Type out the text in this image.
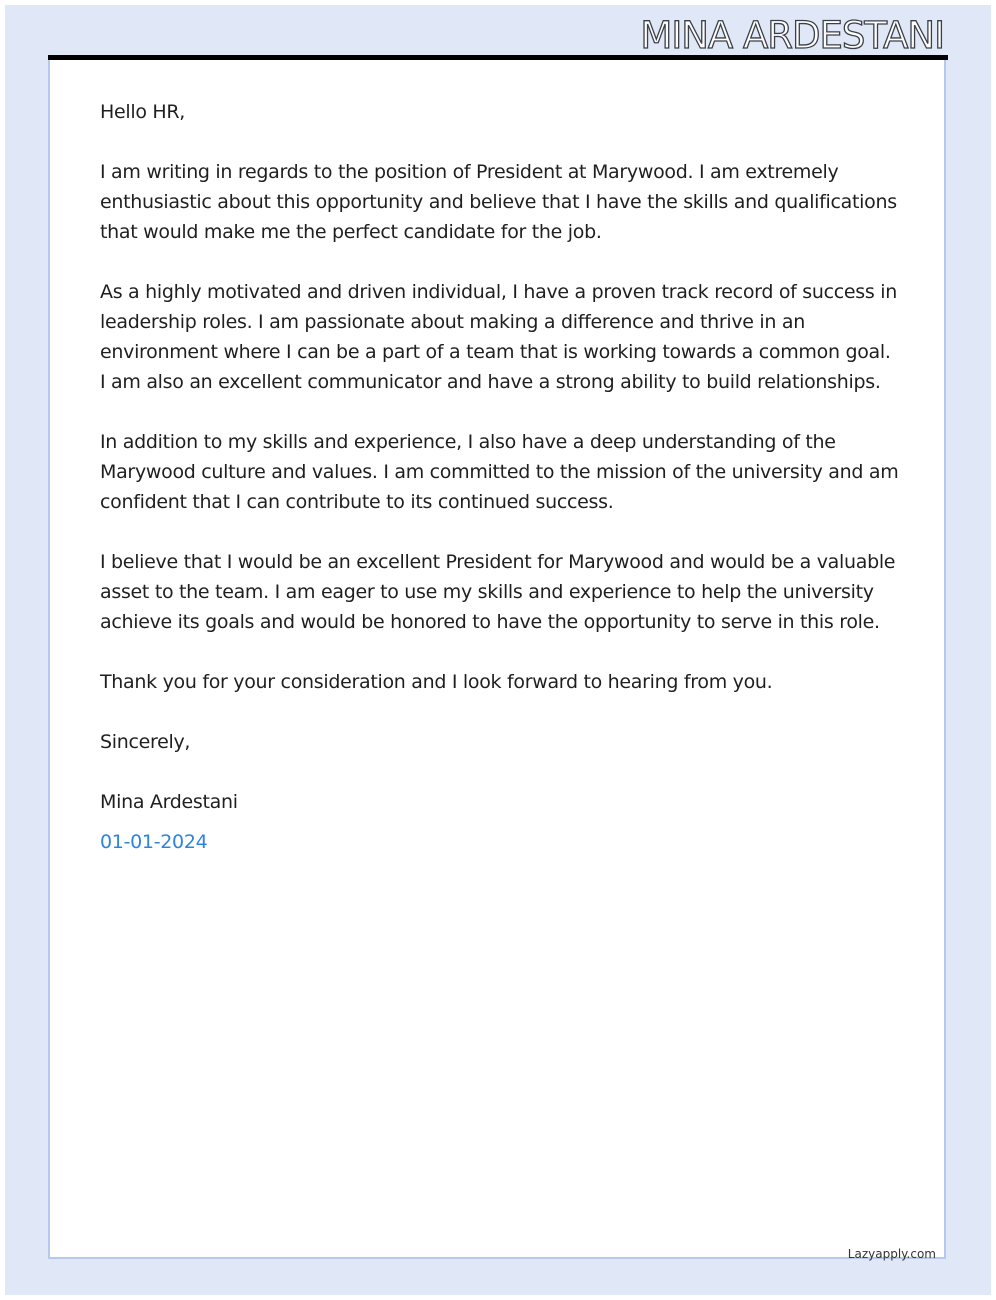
MINA ARDESTANI

Hello HR,

I am writing in regards to the position of President at Marywood. I am extremely enthusiastic about this opportunity and believe that I have the skills and qualifications that would make me the perfect candidate for the job.

As a highly motivated and driven individual, I have a proven track record of success in leadership roles. I am passionate about making a difference and thrive in an environment where I can be a part of a team that is working towards a common goal. I am also an excellent communicator and have a strong ability to build relationships.

In addition to my skills and experience, I also have a deep understanding of the Marywood culture and values. I am committed to the mission of the university and am confident that I can contribute to its continued success.

I believe that I would be an excellent President for Marywood and would be a valuable asset to the team. I am eager to use my skills and experience to help the university achieve its goals and would be honored to have the opportunity to serve in this role.

Thank you for your consideration and I look forward to hearing from you.

Sincerely,

Mina Ardestani

01-01-2024
Lazyapply.com
